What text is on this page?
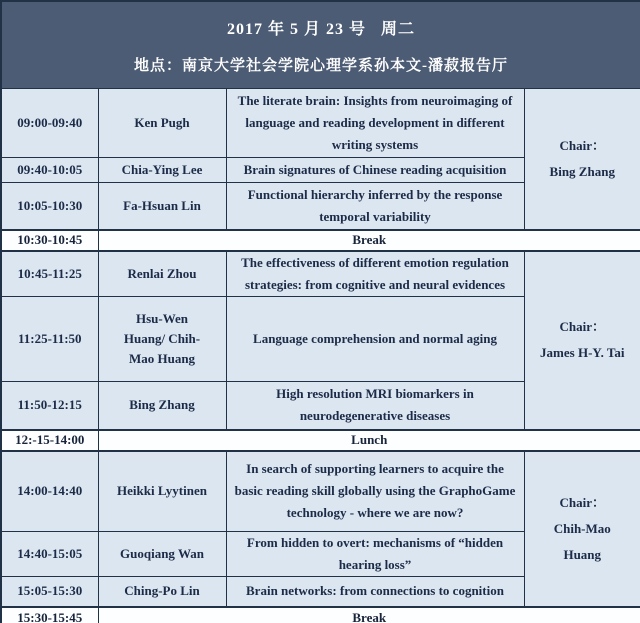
2017 年 5 月 23 号   周二
地点：南京大学社会学院心理学系孙本文-潘菽报告厅			

09:00-09:40	Ken Pugh	The literate brain: Insights from neuroimaging of language and reading development in different writing systems	Chair：
Bing Zhang

09:40-10:05	Chia-Ying Lee	Brain signatures of Chinese reading acquisition	
10:05-10:30	Fa-Hsuan Lin	Functional hierarchy inferred by the response temporal variability	
10:30-10:45	Break		
10:45-11:25	Renlai Zhou	The effectiveness of different emotion regulation strategies: from cognitive and neural evidences	Chair：
James H-Y. Tai

11:25-11:50	Hsu-Wen Huang/ Chih-Mao Huang	Language comprehension and normal aging	
11:50-12:15	Bing Zhang	High resolution MRI biomarkers in neurodegenerative diseases	
12:-15-14:00	Lunch		
14:00-14:40	Heikki Lyytinen	In search of supporting learners to acquire the basic reading skill globally using the GraphoGame technology - where we are now?	Chair：
Chih-Mao Huang

14:40-15:05	Guoqiang Wan	From hidden to overt: mechanisms of “hidden hearing loss”	
15:05-15:30	Ching-Po Lin	Brain networks: from connections to cognition	
15:30-15:45	Break		
